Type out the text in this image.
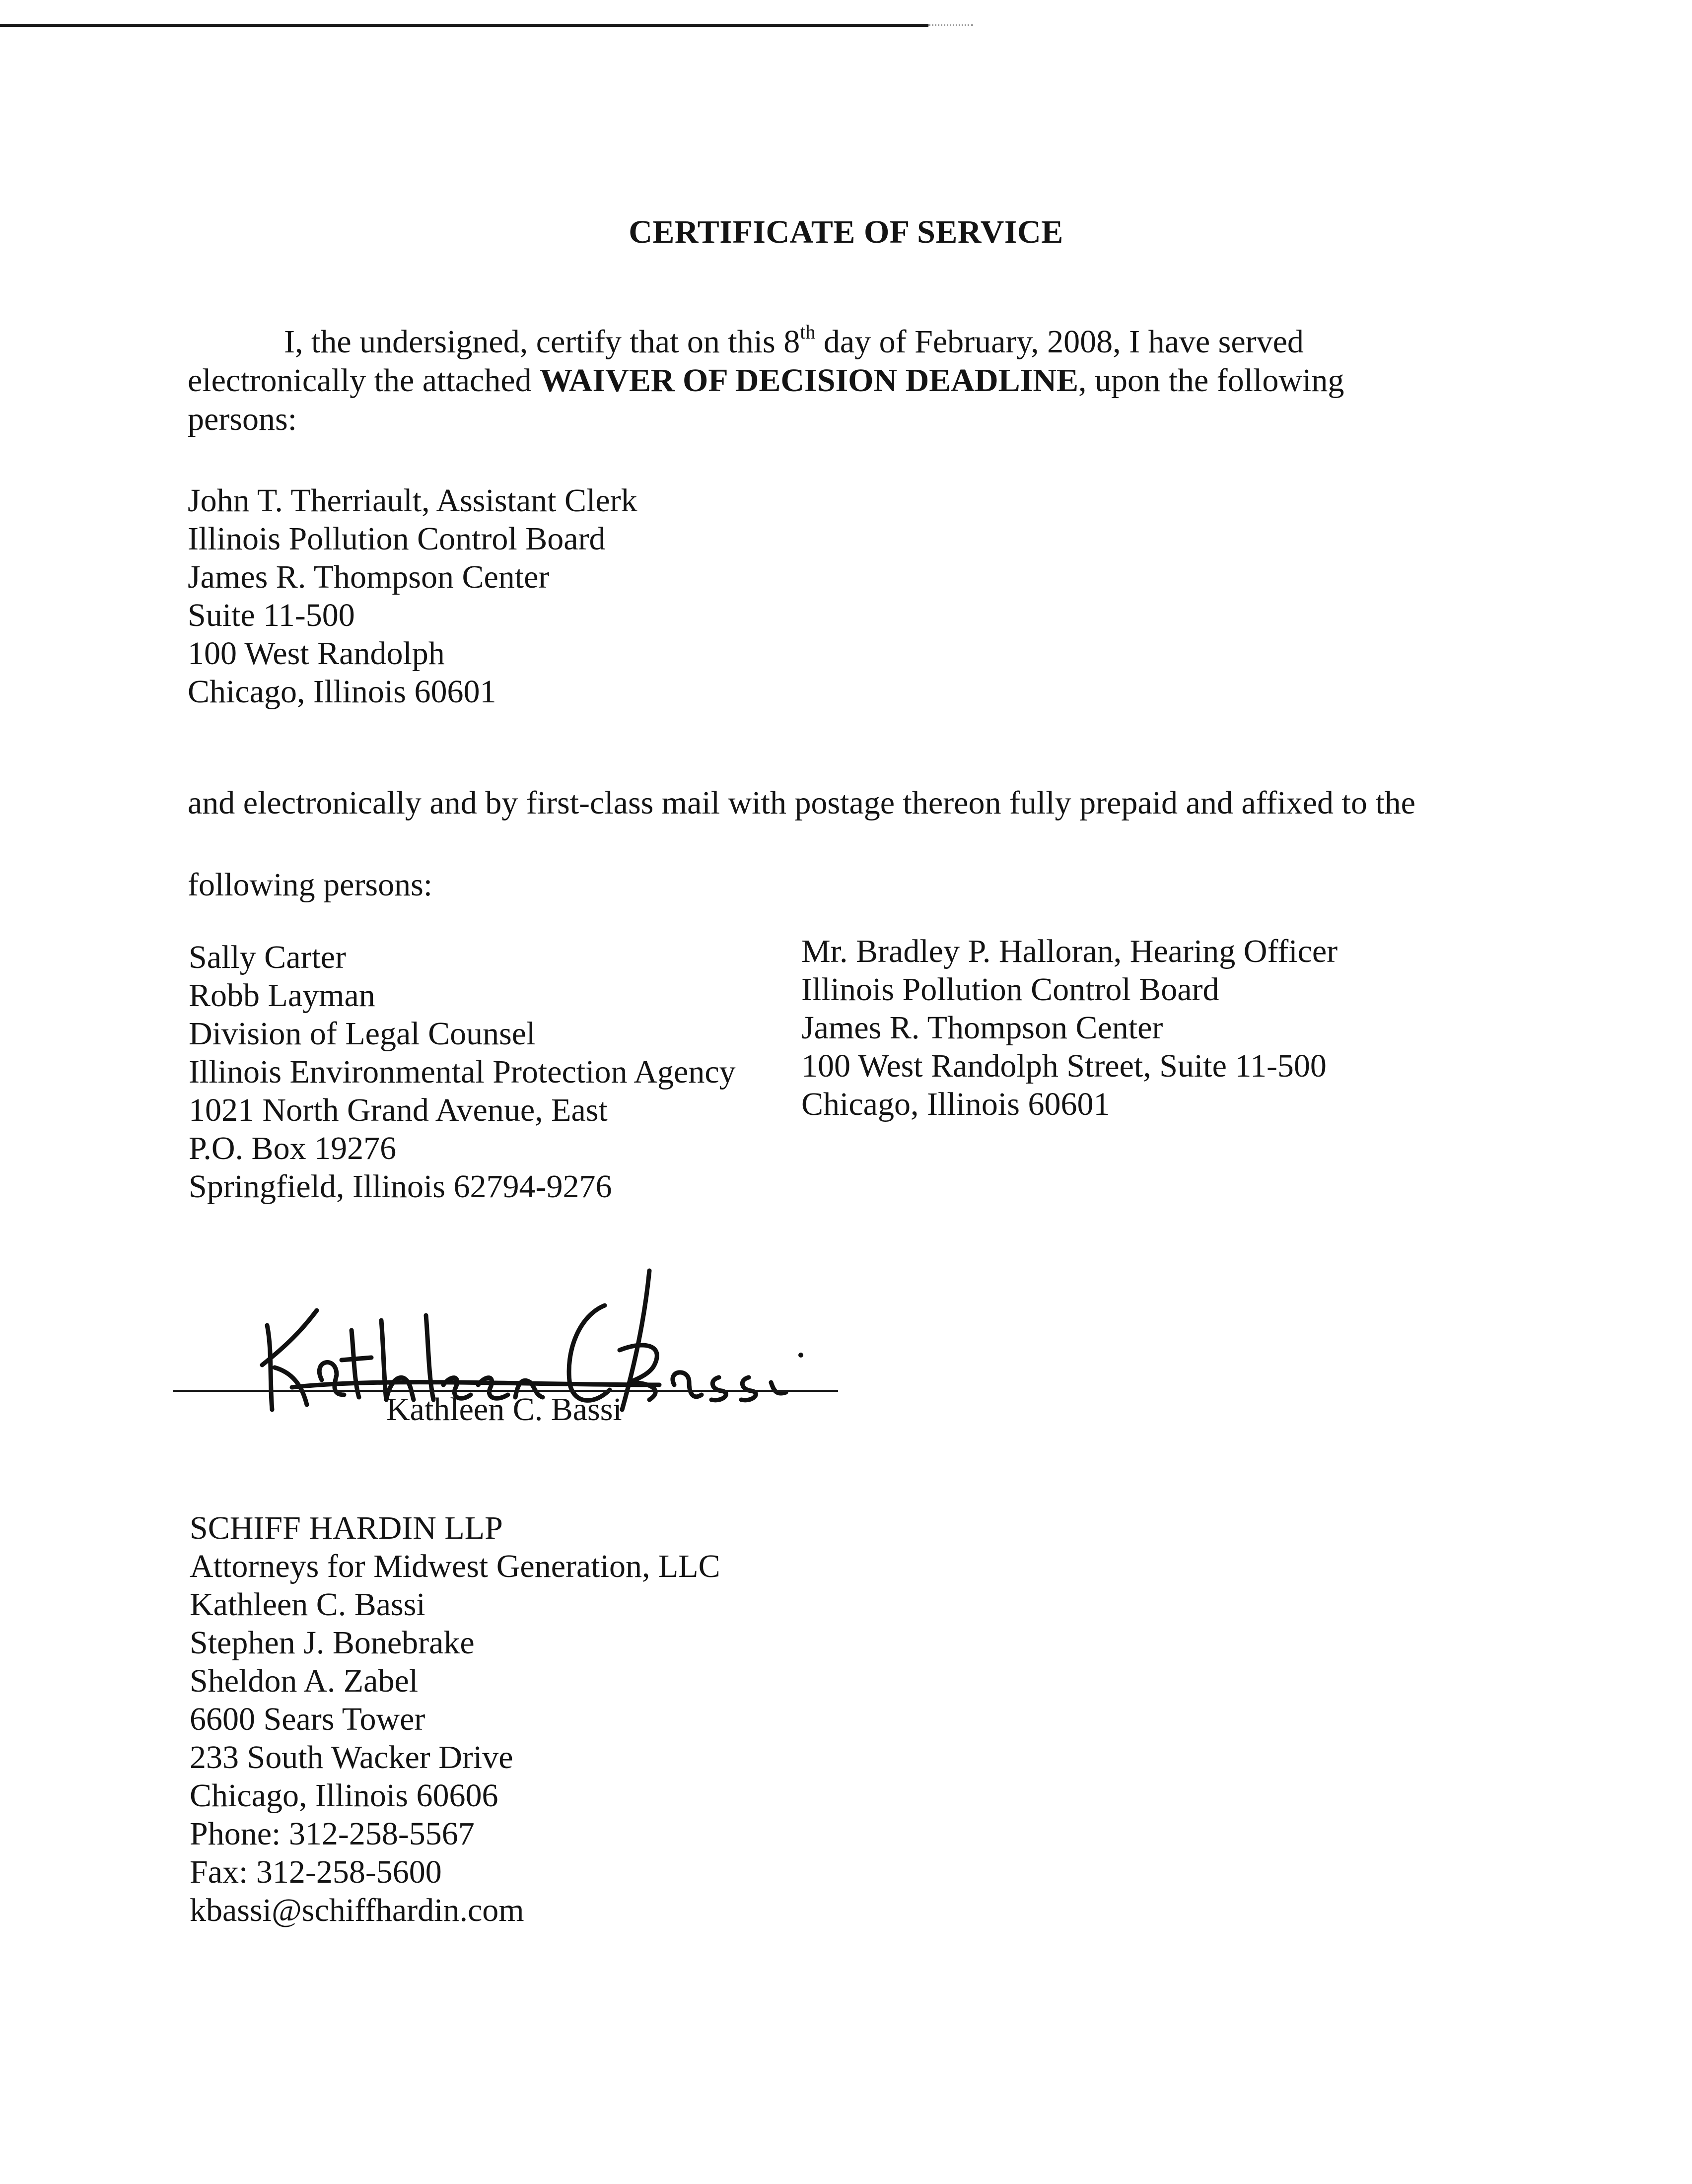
CERTIFICATE OF SERVICE
I, the undersigned, certify that on this 8th day of February, 2008, I have served electronically the attached WAIVER OF DECISION DEADLINE, upon the following persons:
John T. Therriault, Assistant Clerk
Illinois Pollution Control Board
James R. Thompson Center
Suite 11-500
100 West Randolph
Chicago, Illinois 60601
and electronically and by first-class mail with postage thereon fully prepaid and affixed to the
following persons:
Sally Carter
Robb Layman
Division of Legal Counsel
Illinois Environmental Protection Agency
1021 North Grand Avenue, East
P.O. Box 19276
Springfield, Illinois 62794-9276
Mr. Bradley P. Halloran, Hearing Officer
Illinois Pollution Control Board
James R. Thompson Center
100 West Randolph Street, Suite 11-500
Chicago, Illinois 60601
Kathleen C. Bassi
SCHIFF HARDIN LLP
Attorneys for Midwest Generation, LLC
Kathleen C. Bassi
Stephen J. Bonebrake
Sheldon A. Zabel
6600 Sears Tower
233 South Wacker Drive
Chicago, Illinois 60606
Phone: 312-258-5567
Fax: 312-258-5600
kbassi@schiffhardin.com
